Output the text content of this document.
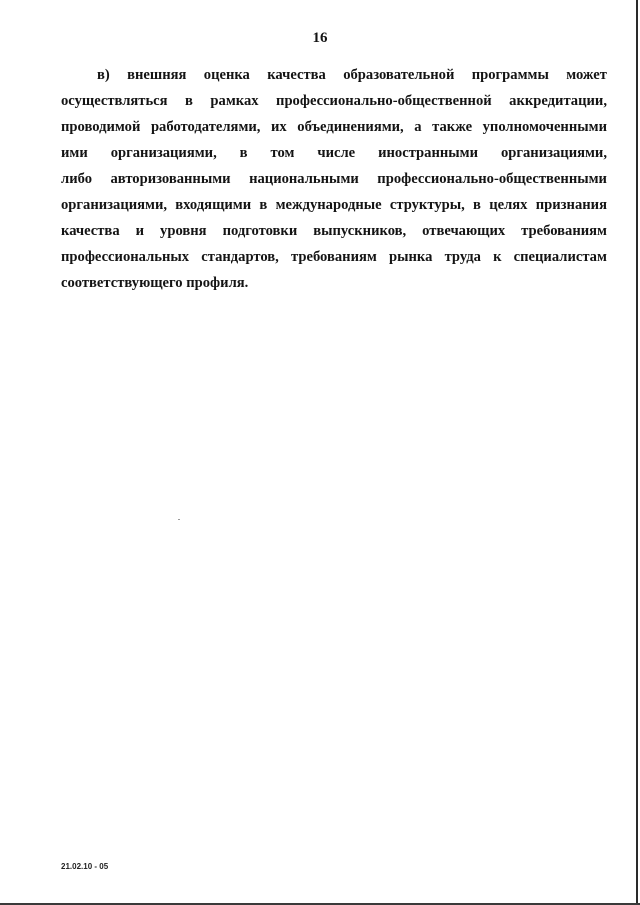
16
в) внешняя оценка качества образовательной программы может
осуществляться в рамках профессионально-общественной аккредитации,
проводимой работодателями, их объединениями, а также уполномоченными
ими организациями, в том числе иностранными организациями,
либо авторизованными национальными профессионально-общественными
организациями, входящими в международные структуры, в целях признания
качества и уровня подготовки выпускников, отвечающих требованиям
профессиональных стандартов, требованиям рынка труда к специалистам
соответствующего профиля.
21.02.10 - 05
